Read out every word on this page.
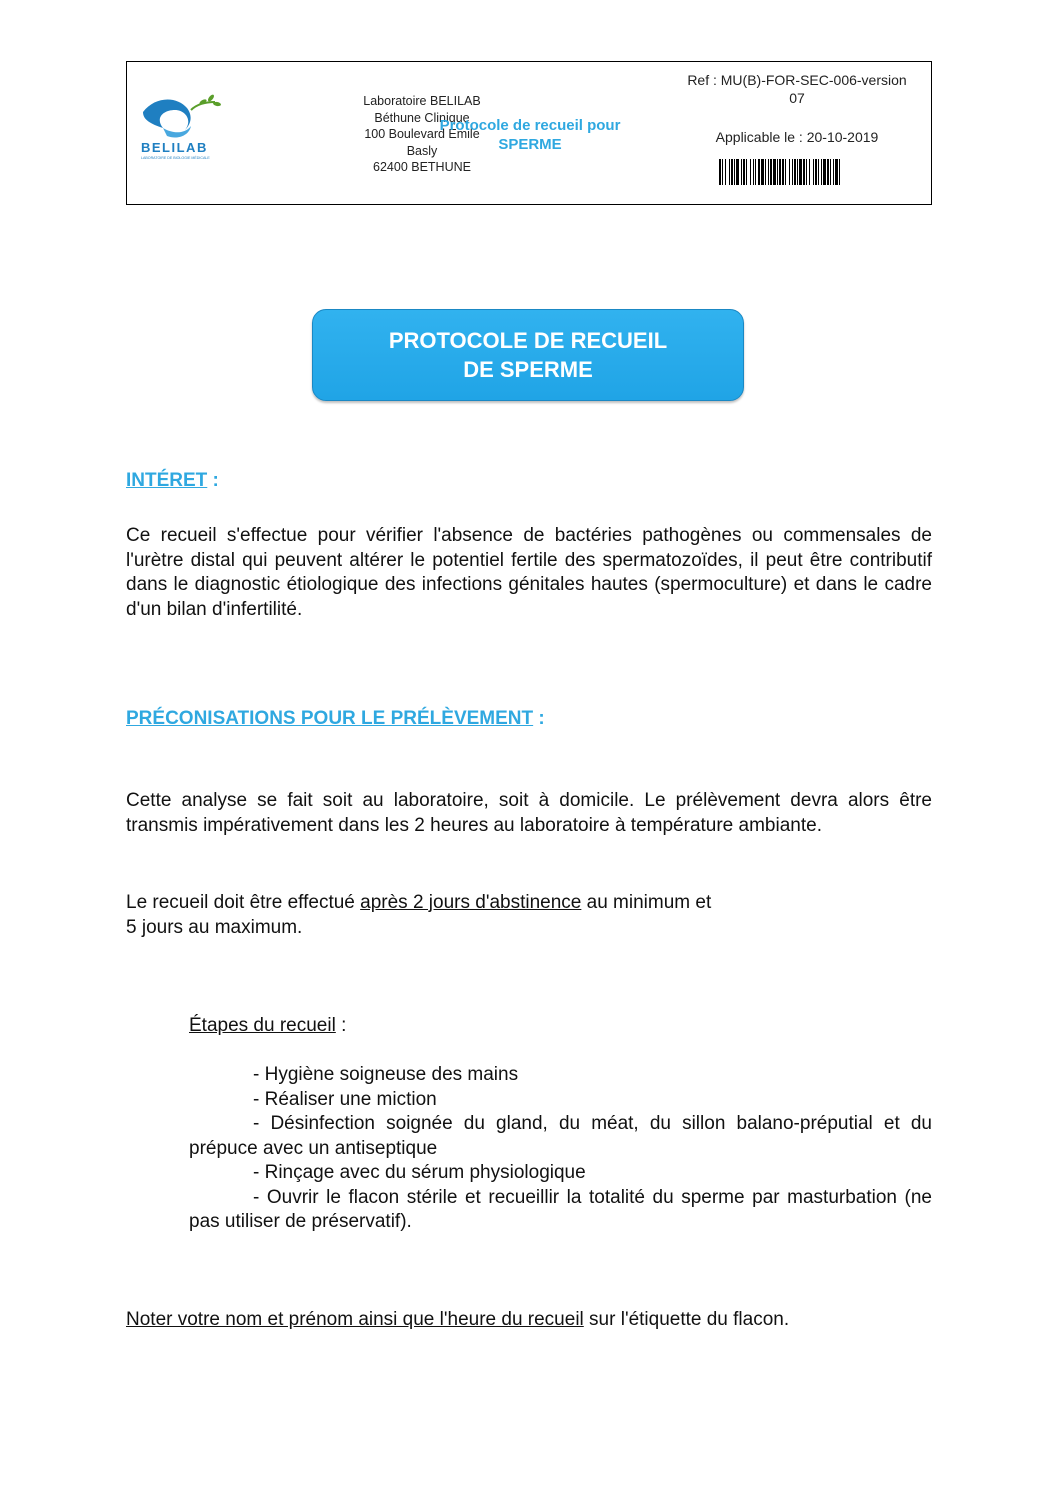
BELILAB
LABORATOIRE DE BIOLOGIE MÉDICALE
Laboratoire BELILAB
Béthune Clinique
100 Boulevard Emile
Basly
62400 BETHUNE
Protocole de recueil pour
SPERME
Ref : MU(B)-FOR-SEC-006-version
07
Applicable le : 20-10-2019
PROTOCOLE DE RECUEIL
DE SPERME
INTÉRET :
Ce recueil s'effectue pour vérifier l'absence de bactéries pathogènes ou commensales de l'urètre distal qui peuvent altérer le potentiel fertile des spermatozoïdes, il peut être contributif dans le diagnostic étiologique des infections génitales hautes (spermoculture) et dans le cadre d'un bilan d'infertilité.
PRÉCONISATIONS POUR LE PRÉLÈVEMENT :
Cette analyse se fait soit au laboratoire, soit à domicile. Le prélèvement devra alors être transmis impérativement dans les 2 heures au laboratoire à température ambiante.
Le recueil doit être effectué après 2 jours d'abstinence au minimum et
5 jours au maximum.
Étapes du recueil :
- Hygiène soigneuse des mains
- Réaliser une miction
- Désinfection soignée du gland, du méat, du sillon balano-préputial et du prépuce avec un antiseptique
- Rinçage avec du sérum physiologique
- Ouvrir le flacon stérile et recueillir la totalité du sperme par masturbation (ne pas utiliser de préservatif).
Noter votre nom et prénom ainsi que l'heure du recueil sur l'étiquette du flacon.
